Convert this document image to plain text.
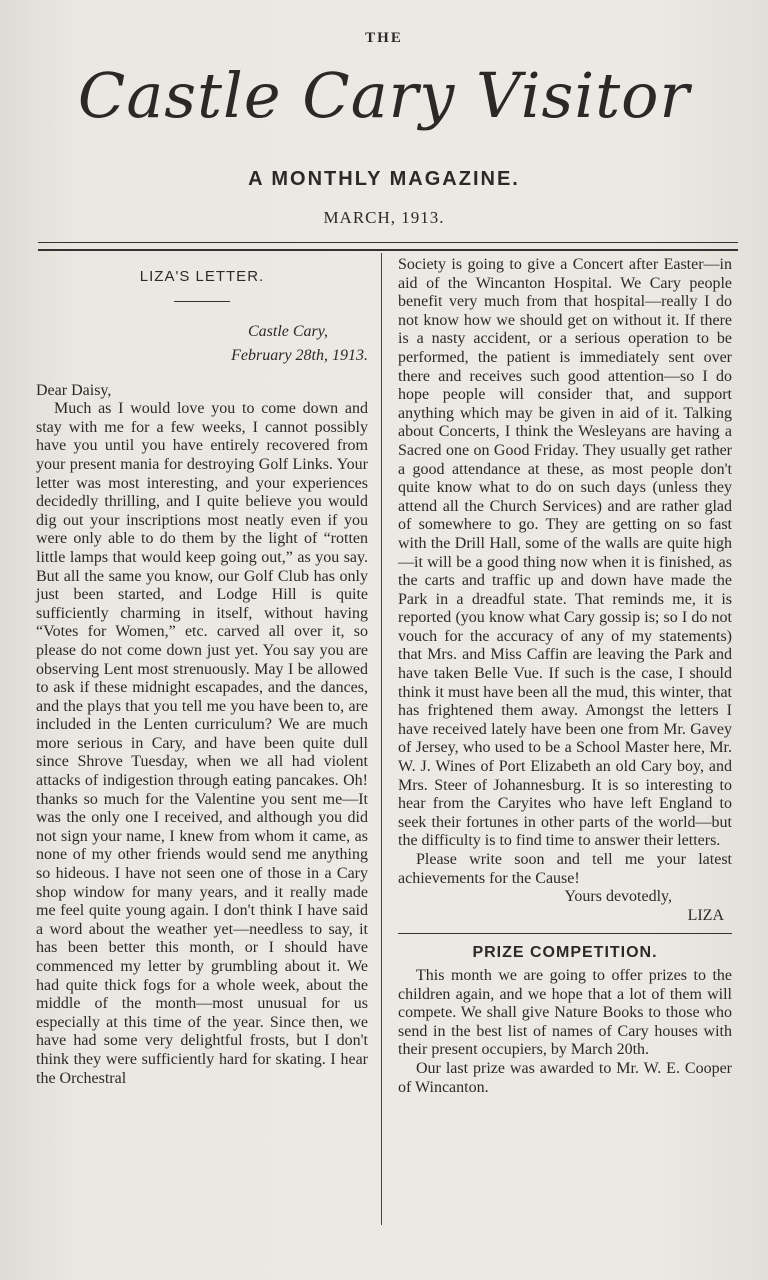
THE
Castle Cary Visitor
A MONTHLY MAGAZINE.
MARCH, 1913.
LIZA'S LETTER.
Castle Cary,
February 28th, 1913.

Dear Daisy,

Much as I would love you to come down and stay with me for a few weeks, I cannot possibly have you until you have entirely recovered from your present mania for destroying Golf Links. Your letter was most interesting, and your experiences decidedly thrilling, and I quite believe you would dig out your inscriptions most neatly even if you were only able to do them by the light of “rotten little lamps that would keep going out,” as you say. But all the same you know, our Golf Club has only just been started, and Lodge Hill is quite sufficiently charming in itself, without having “Votes for Women,” etc. carved all over it, so please do not come down just yet. You say you are observing Lent most strenuously. May I be allowed to ask if these midnight escapades, and the dances, and the plays that you tell me you have been to, are included in the Lenten curriculum? We are much more serious in Cary, and have been quite dull since Shrove Tuesday, when we all had violent attacks of indigestion through eating pancakes. Oh! thanks so much for the Valentine you sent me—It was the only one I received, and although you did not sign your name, I knew from whom it came, as none of my other friends would send me anything so hideous. I have not seen one of those in a Cary shop window for many years, and it really made me feel quite young again. I don't think I have said a word about the weather yet—needless to say, it has been better this month, or I should have commenced my letter by grumbling about it. We had quite thick fogs for a whole week, about the middle of the month—most unusual for us especially at this time of the year. Since then, we have had some very delightful frosts, but I don't think they were sufficiently hard for skating. I hear the Orchestral

Society is going to give a Concert after Easter—in aid of the Wincanton Hospital. We Cary people benefit very much from that hospital—really I do not know how we should get on without it. If there is a nasty accident, or a serious operation to be performed, the patient is immediately sent over there and receives such good attention—so I do hope people will consider that, and support anything which may be given in aid of it. Talking about Concerts, I think the Wesleyans are having a Sacred one on Good Friday. They usually get rather a good attendance at these, as most people don't quite know what to do on such days (unless they attend all the Church Services) and are rather glad of somewhere to go. They are getting on so fast with the Drill Hall, some of the walls are quite high—it will be a good thing now when it is finished, as the carts and traffic up and down have made the Park in a dreadful state. That reminds me, it is reported (you know what Cary gossip is; so I do not vouch for the accuracy of any of my statements) that Mrs. and Miss Caffin are leaving the Park and have taken Belle Vue. If such is the case, I should think it must have been all the mud, this winter, that has frightened them away. Amongst the letters I have received lately have been one from Mr. Gavey of Jersey, who used to be a School Master here, Mr. W. J. Wines of Port Elizabeth an old Cary boy, and Mrs. Steer of Johannesburg. It is so interesting to hear from the Caryites who have left England to seek their fortunes in other parts of the world—but the difficulty is to find time to answer their letters.

Please write soon and tell me your latest achievements for the Cause!

Yours devotedly,

LIZA

PRIZE COMPETITION.

This month we are going to offer prizes to the children again, and we hope that a lot of them will compete. We shall give Nature Books to those who send in the best list of names of Cary houses with their present occupiers, by March 20th.

Our last prize was awarded to Mr. W. E. Cooper of Wincanton.
